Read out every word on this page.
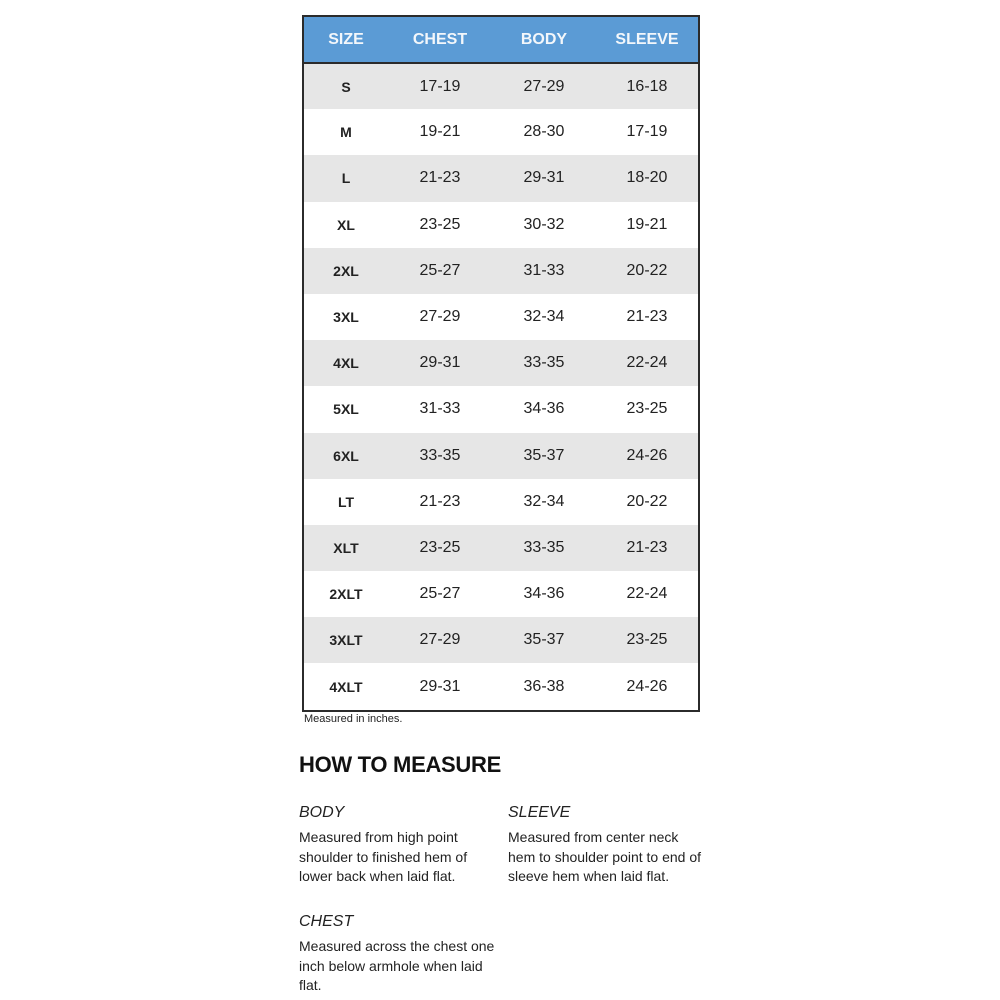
SIZE	CHEST	BODY	SLEEVE
S	17-19	27-29	16-18
M	19-21	28-30	17-19
L	21-23	29-31	18-20
XL	23-25	30-32	19-21
2XL	25-27	31-33	20-22
3XL	27-29	32-34	21-23
4XL	29-31	33-35	22-24
5XL	31-33	34-36	23-25
6XL	33-35	35-37	24-26
LT	21-23	32-34	20-22
XLT	23-25	33-35	21-23
2XLT	25-27	34-36	22-24
3XLT	27-29	35-37	23-25
4XLT	29-31	36-38	24-26
Measured in inches.
HOW TO MEASURE
BODY
Measured from high point shoulder to finished hem of lower back when laid flat.
SLEEVE
Measured from center neck hem to shoulder point to end of sleeve hem when laid flat.
CHEST
Measured across the chest one inch below armhole when laid flat.
